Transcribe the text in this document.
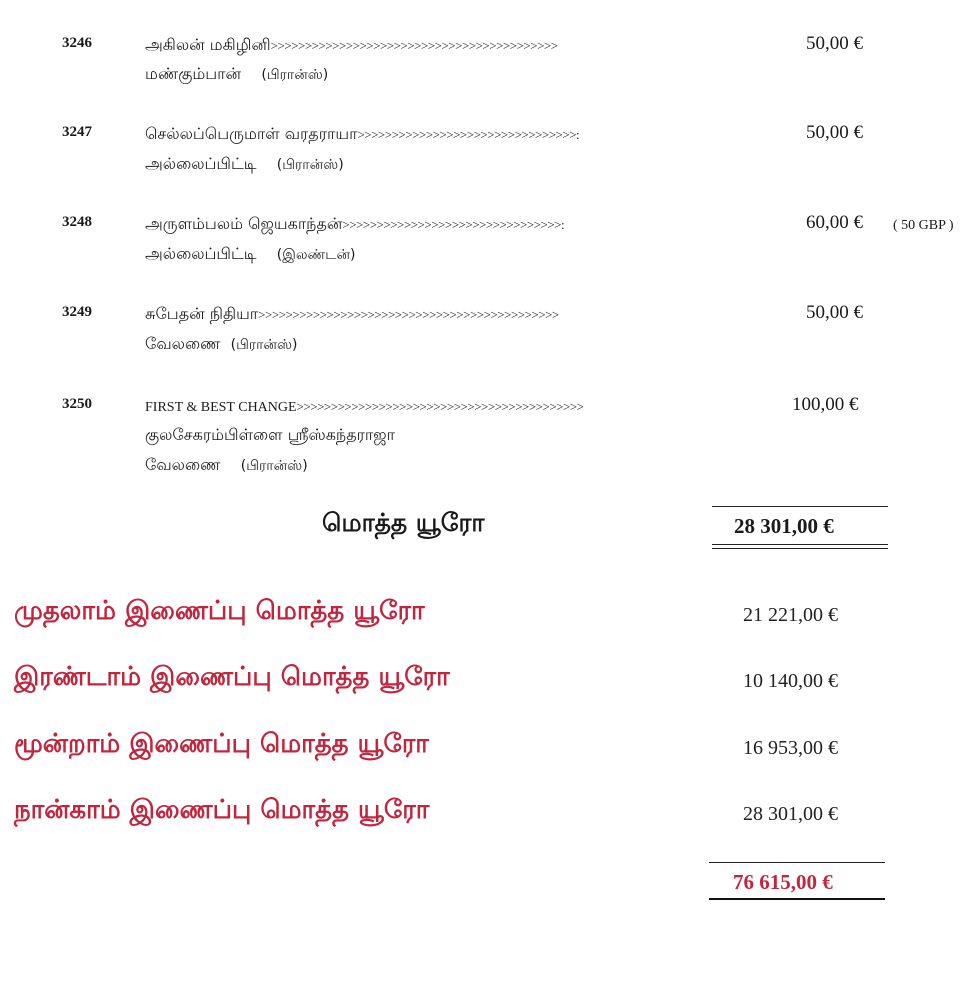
3246	அகிலன் மகிழினி>>>>>>>>>>>>>>>>>>>>>>>>>>>>>>>>>>>>>>>>>>
மண்கும்பான் (பிரான்ஸ்)
50,00 €
3247	செல்லப்பெருமாள் வரதராயா>>>>>>>>>>>>>>>>>>>>>>>>>>>>>>>>:
அல்லைப்பிட்டி (பிரான்ஸ்)
50,00 €
3248	அருளம்பலம் ஜெயகாந்தன்>>>>>>>>>>>>>>>>>>>>>>>>>>>>>>>>:
அல்லைப்பிட்டி (இலண்டன்)
60,00 € ( 50 GBP )
3249	சுபேதன் நிதியா>>>>>>>>>>>>>>>>>>>>>>>>>>>>>>>>>>>>>>>>>>>>
வேலணை (பிரான்ஸ்)
50,00 €
3250	FIRST & BEST CHANGE>>>>>>>>>>>>>>>>>>>>>>>>>>>>>>>>>>>>>>>>>>
குலசேகரம்பிள்ளை ஸ்ரீஸ்கந்தராஜா
வேலணை (பிரான்ஸ்)
100,00 €
மொத்த யூரோ	28 301,00 €
முதலாம் இணைப்பு மொத்த யூரோ	21 221,00 €
இரண்டாம் இணைப்பு மொத்த யூரோ	10 140,00 €
மூன்றாம் இணைப்பு மொத்த யூரோ	16 953,00 €
நான்காம் இணைப்பு மொத்த யூரோ	28 301,00 €
76 615,00 €
